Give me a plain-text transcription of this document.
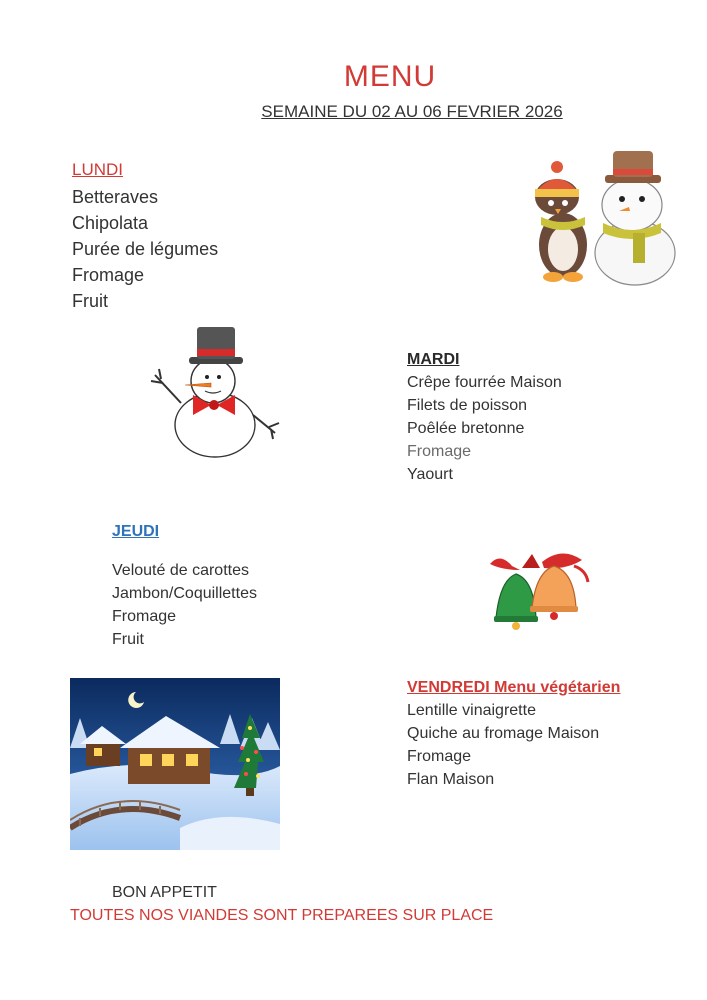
MENU
SEMAINE DU 02 AU 06 FEVRIER 2026
LUNDI
Betteraves
Chipolata
Purée de légumes
Fromage
Fruit
MARDI
Crêpe fourrée Maison
Filets de poisson
Poêlée bretonne
Fromage
Yaourt
JEUDI
Velouté de carottes
Jambon/Coquillettes
Fromage
Fruit
VENDREDI Menu végétarien
Lentille vinaigrette
Quiche au fromage Maison
Fromage
Flan Maison
BON APPETIT
TOUTES NOS VIANDES SONT PREPAREES SUR PLACE
